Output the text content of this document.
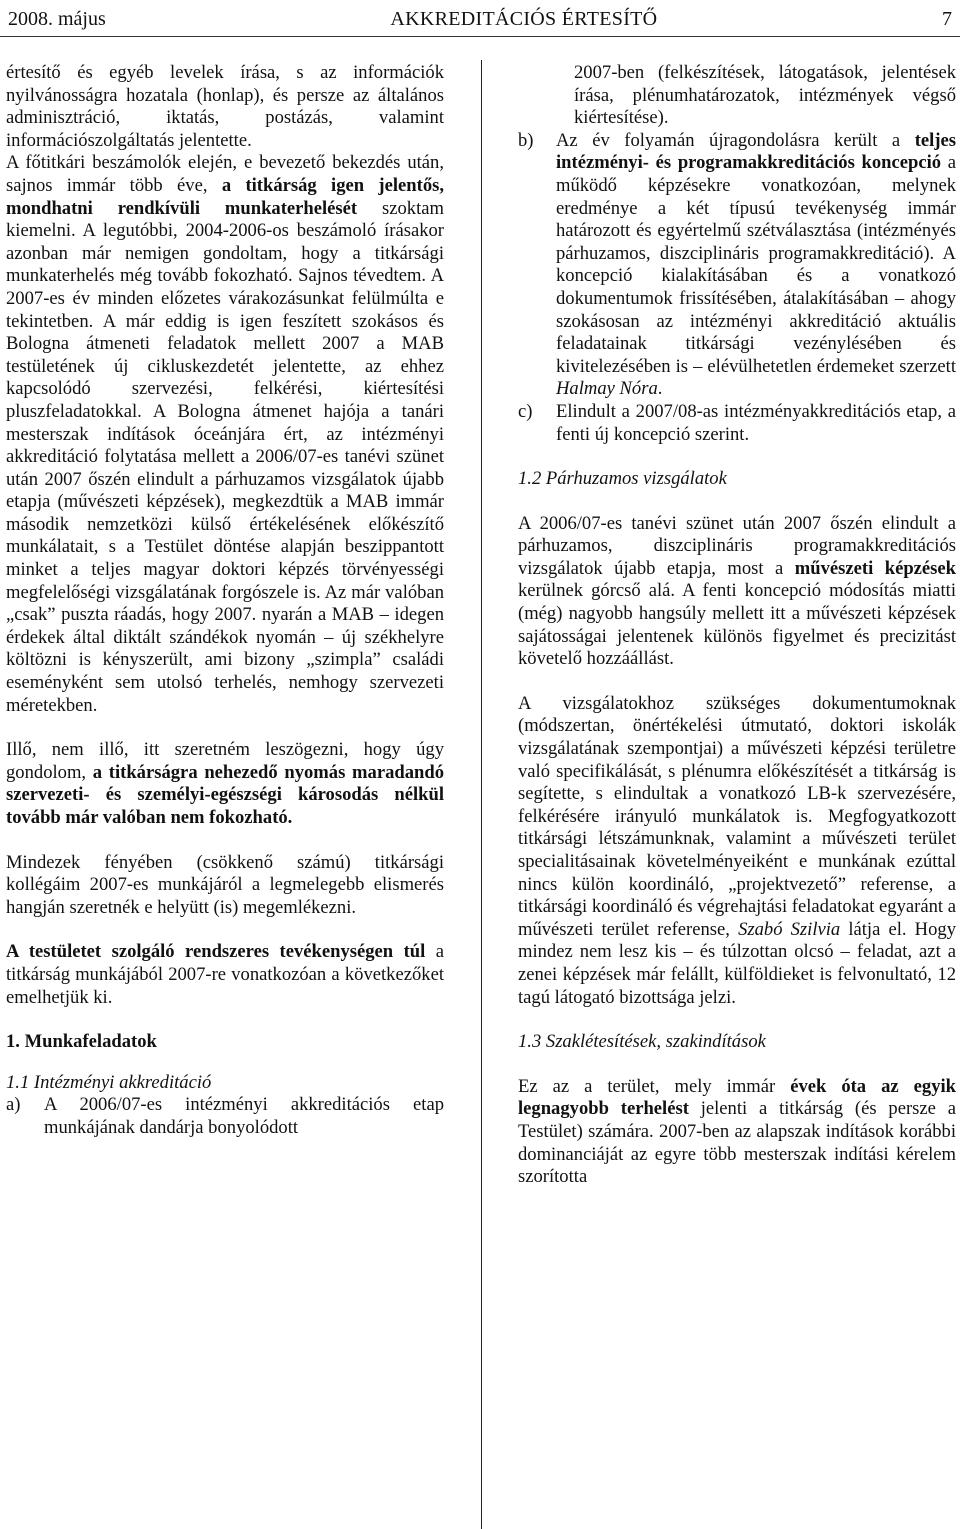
2008. május	AKKREDITÁCIÓS ÉRTESÍTŐ	7

értesítő és egyéb levelek írása, s az információk nyilvánosságra hozatala (honlap), és persze az általános adminisztráció, iktatás, postázás, valamint információszolgáltatás jelentette.

A főtitkári beszámolók elején, e bevezető bekezdés után, sajnos immár több éve, a titkárság igen jelentős, mondhatni rendkívüli munkaterhelését szoktam kiemelni. A legutóbbi, 2004-2006-os beszámoló írásakor azonban már nemigen gondoltam, hogy a titkársági munkaterhelés még tovább fokozható. Sajnos tévedtem. A 2007-es év minden előzetes várakozásunkat felülmúlta e tekintetben. A már eddig is igen feszített szokásos és Bologna átmeneti feladatok mellett 2007 a MAB testületének új cikluskezdetét jelentette, az ehhez kapcsolódó szervezési, felkérési, kiértesítési pluszfeladatokkal. A Bologna átmenet hajója a tanári mesterszak indítások óceánjára ért, az intézményi akkreditáció folytatása mellett a 2006/07-es tanévi szünet után 2007 őszén elindult a párhuzamos vizsgálatok újabb etapja (művészeti képzések), megkezdtük a MAB immár második nemzetközi külső értékelésének előkészítő munkálatait, s a Testület döntése alapján beszippantott minket a teljes magyar doktori képzés törvényességi megfelelőségi vizsgálatának forgószele is. Az már valóban „csak” puszta ráadás, hogy 2007. nyarán a MAB – idegen érdekek által diktált szándékok nyomán – új székhelyre költözni is kényszerült, ami bizony „szimpla” családi eseményként sem utolsó terhelés, nemhogy szervezeti méretekben.

Illő, nem illő, itt szeretném leszögezni, hogy úgy gondolom, a titkárságra nehezedő nyomás maradandó szervezeti- és személyi-egészségi károsodás nélkül tovább már valóban nem fokozható.

Mindezek fényében (csökkenő számú) titkársági kollégáim 2007-es munkájáról a legmelegebb elismerés hangján szeretnék e helyütt (is) megemlékezni.

A testületet szolgáló rendszeres tevékenységen túl a titkárság munkájából 2007-re vonatkozóan a következőket emelhetjük ki.

1. Munkafeladatok

1.1 Intézményi akkreditáció

a)	A 2006/07-es intézményi akkreditációs etap munkájának dandárja bonyolódott

2007-ben (felkészítések, látogatások, jelentések írása, plénumhatározatok, intézmények végső kiértesítése).

b)	Az év folyamán újragondolásra került a teljes intézményi- és programakkreditációs koncepció a működő képzésekre vonatkozóan, melynek eredménye a két típusú tevékenység immár határozott és egyértelmű szétválasztása (intézményés párhuzamos, diszciplináris programakkreditáció). A koncepció kialakításában és a vonatkozó dokumentumok frissítésében, átalakításában – ahogy szokásosan az intézményi akkreditáció aktuális feladatainak titkársági vezénylésében és kivitelezésében is – elévülhetetlen érdemeket szerzett Halmay Nóra.
c)	Elindult a 2007/08-as intézményakkreditációs etap, a fenti új koncepció szerint.

1.2 Párhuzamos vizsgálatok

A 2006/07-es tanévi szünet után 2007 őszén elindult a párhuzamos, diszciplináris programakkreditációs vizsgálatok újabb etapja, most a művészeti képzések kerülnek górcső alá. A fenti koncepció módosítás miatti (még) nagyobb hangsúly mellett itt a művészeti képzések sajátosságai jelentenek különös figyelmet és precizitást követelő hozzáállást.

A vizsgálatokhoz szükséges dokumentumoknak (módszertan, önértékelési útmutató, doktori iskolák vizsgálatának szempontjai) a művészeti képzési területre való specifikálását, s plénumra előkészítését a titkárság is segítette, s elindultak a vonatkozó LB-k szervezésére, felkérésére irányuló munkálatok is. Megfogyatkozott titkársági létszámunknak, valamint a művészeti terület specialitásainak követelményeiként e munkának ezúttal nincs külön koordináló, „projektvezető” referense, a titkársági koordináló és végrehajtási feladatokat egyaránt a művészeti terület referense, Szabó Szilvia látja el. Hogy mindez nem lesz kis – és túlzottan olcsó – feladat, azt a zenei képzések már felállt, külföldieket is felvonultató, 12 tagú látogató bizottsága jelzi.

1.3 Szaklétesítések, szakindítások

Ez az a terület, mely immár évek óta az egyik legnagyobb terhelést jelenti a titkárság (és persze a Testület) számára. 2007-ben az alapszak indítások korábbi dominanciáját az egyre több mesterszak indítási kérelem szorította
